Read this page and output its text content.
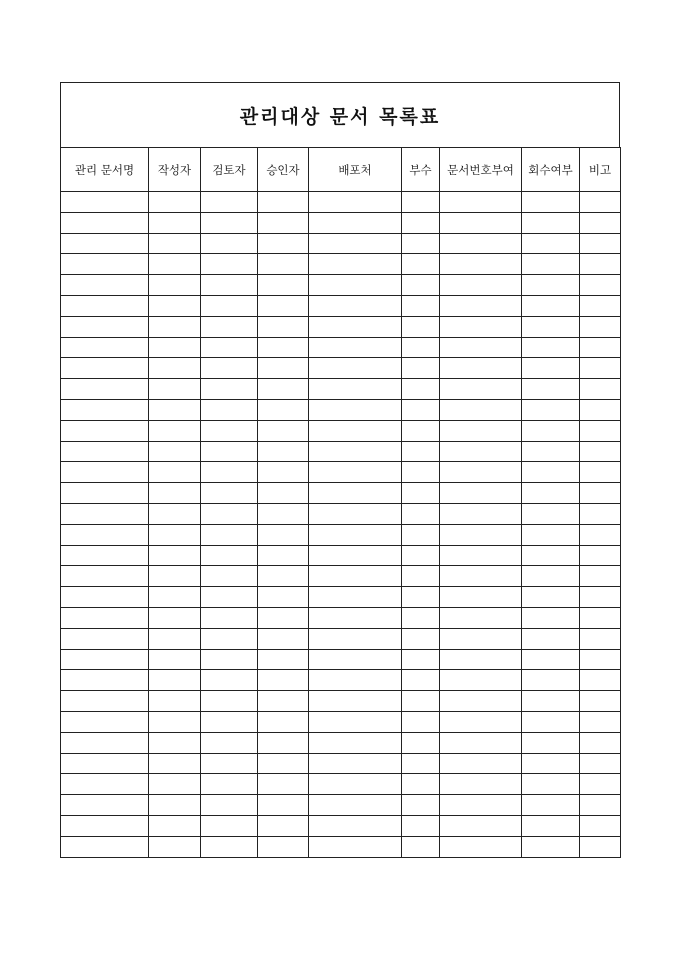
관리대상 문서 목록표
관리 문서명	작성자	검토자	승인자	배포처	부수	문서번호부여	회수여부	비고
